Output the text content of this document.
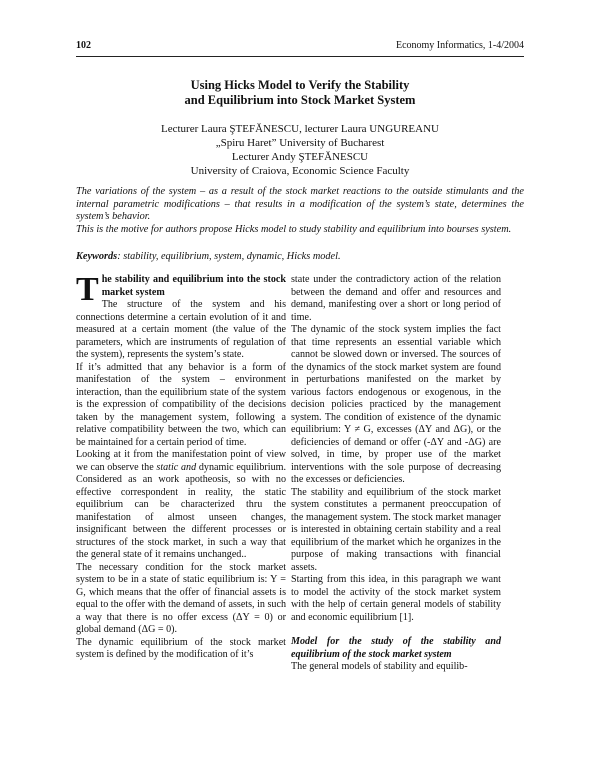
102	Economy Informatics, 1-4/2004
Using Hicks Model to Verify the Stability
and Equilibrium into Stock Market System
Lecturer Laura ŞTEFĂNESCU, lecturer Laura UNGUREANU
„Spiru Haret” University of Bucharest
Lecturer Andy ŞTEFĂNESCU
University of Craiova, Economic Science Faculty

The variations of the system – as a result of the stock market reactions to the outside stimulants and the internal parametric modifications – that results in a modification of the system’s state, determines the system’s behavior.

This is the motive for authors propose Hicks model to study stability and equilibrium into bourses system.

Keywords: stability, equilibrium, system, dynamic, Hicks model.

The stability and equilibrium into the stock market system

The structure of the system and his connections determine a certain evolution of it and measured at a certain moment (the value of the parameters, which are instruments of regulation of the system), represents the system’s state.

If it’s admitted that any behavior is a form of manifestation of the system – environment interaction, than the equilibrium state of the system is the expression of compatibility of the decisions taken by the management system, following a relative compatibility between the two, which can be maintained for a certain period of time.

Looking at it from the manifestation point of view we can observe the static and dynamic equilibrium. Considered as an work apotheosis, so with no effective correspondent in reality, the static equilibrium can be characterized thru the manifestation of almost unseen changes, insignificant between the different processes or structures of the stock market, in such a way that the general state of it remains unchanged..

The necessary condition for the stock market system to be in a state of static equilibrium is: Y = G, which means that the offer of financial assets is equal to the offer with the demand of assets, in such a way that there is no offer excess (ΔY = 0) or global demand (ΔG = 0).

The dynamic equilibrium of the stock market system is defined by the modification of it’s

state under the contradictory action of the relation between the demand and offer and resources and demand, manifesting over a short or long period of time.

The dynamic of the stock system implies the fact that time represents an essential variable which cannot be slowed down or inversed. The sources of the dynamics of the stock market system are found in perturbations manifested on the market by various factors endogenous or exogenous, in the decision policies practiced by the management system. The condition of existence of the dynamic equilibrium: Y ≠ G, excesses (ΔY and ΔG), or the deficiencies of demand or offer (-ΔY and -ΔG) are solved, in time, by proper use of the market interventions with the sole purpose of decreasing the excesses or deficiencies.

The stability and equilibrium of the stock market system constitutes a permanent preoccupation of the management system. The stock market manager is interested in obtaining certain stability and a real equilibrium of the market which he organizes in the purpose of making transactions with financial assets.

Starting from this idea, in this paragraph we want to model the activity of the stock market system with the help of certain general models of stability and economic equilibrium [1].

Model for the study of the stability and equilibrium of the stock market system

The general models of stability and equilib-
